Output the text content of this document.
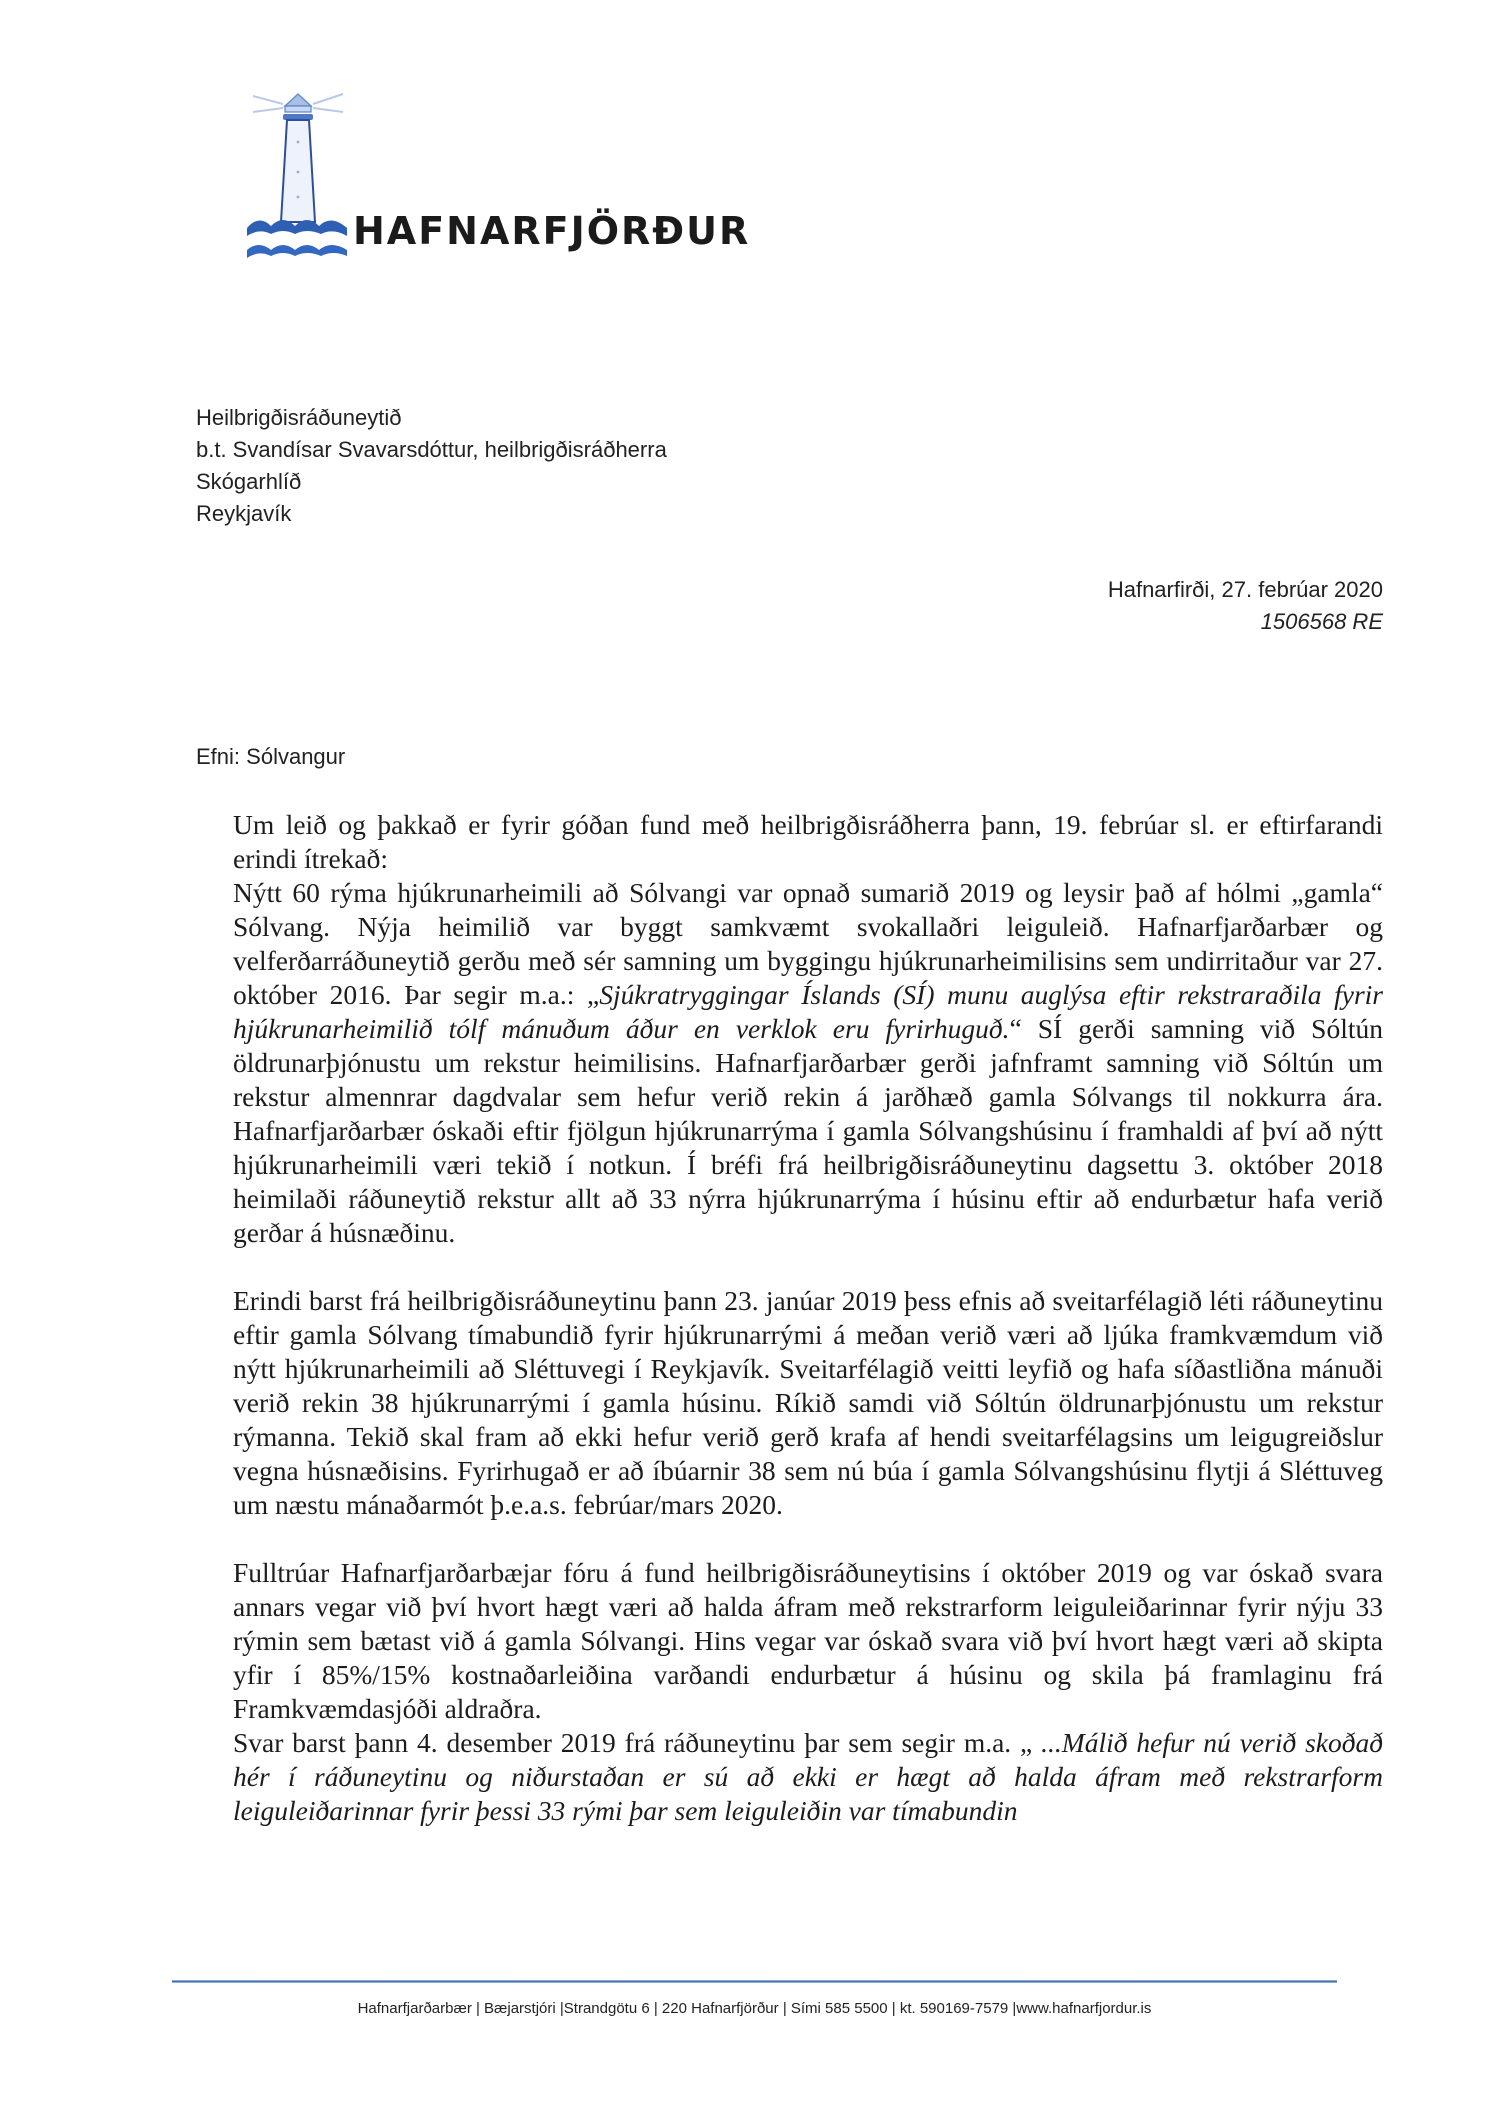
HAFNARFJÖRÐUR
Heilbrigðisráðuneytið
b.t. Svandísar Svavarsdóttur, heilbrigðisráðherra
Skógarhlíð
Reykjavík
Hafnarfirði, 27. febrúar 2020
1506568 RE
Efni: Sólvangur

Um leið og þakkað er fyrir góðan fund með heilbrigðisráðherra þann, 19. febrúar sl. er eftirfarandi erindi ítrekað:

Nýtt 60 rýma hjúkrunarheimili að Sólvangi var opnað sumarið 2019 og leysir það af hólmi „gamla“ Sólvang. Nýja heimilið var byggt samkvæmt svokallaðri leiguleið. Hafnarfjarðarbær og velferðarráðuneytið gerðu með sér samning um byggingu hjúkrunarheimilisins sem undirritaður var 27. október 2016. Þar segir m.a.: „Sjúkratryggingar Íslands (SÍ) munu auglýsa eftir rekstraraðila fyrir hjúkrunarheimilið tólf mánuðum áður en verklok eru fyrirhuguð.“ SÍ gerði samning við Sóltún öldrunarþjónustu um rekstur heimilisins. Hafnarfjarðarbær gerði jafnframt samning við Sóltún um rekstur almennrar dagdvalar sem hefur verið rekin á jarðhæð gamla Sólvangs til nokkurra ára. Hafnarfjarðarbær óskaði eftir fjölgun hjúkrunarrýma í gamla Sólvangshúsinu í framhaldi af því að nýtt hjúkrunarheimili væri tekið í notkun. Í bréfi frá heilbrigðisráðuneytinu dagsettu 3. október 2018 heimilaði ráðuneytið rekstur allt að 33 nýrra hjúkrunarrýma í húsinu eftir að endurbætur hafa verið gerðar á húsnæðinu.

Erindi barst frá heilbrigðisráðuneytinu þann 23. janúar 2019 þess efnis að sveitarfélagið léti ráðuneytinu eftir gamla Sólvang tímabundið fyrir hjúkrunarrými á meðan verið væri að ljúka framkvæmdum við nýtt hjúkrunarheimili að Sléttuvegi í Reykjavík. Sveitarfélagið veitti leyfið og hafa síðastliðna mánuði verið rekin 38 hjúkrunarrými í gamla húsinu. Ríkið samdi við Sóltún öldrunarþjónustu um rekstur rýmanna. Tekið skal fram að ekki hefur verið gerð krafa af hendi sveitarfélagsins um leigugreiðslur vegna húsnæðisins. Fyrirhugað er að íbúarnir 38 sem nú búa í gamla Sólvangshúsinu flytji á Sléttuveg um næstu mánaðarmót þ.e.a.s. febrúar/mars 2020.

Fulltrúar Hafnarfjarðarbæjar fóru á fund heilbrigðisráðuneytisins í október 2019 og var óskað svara annars vegar við því hvort hægt væri að halda áfram með rekstrarform leiguleiðarinnar fyrir nýju 33 rýmin sem bætast við á gamla Sólvangi. Hins vegar var óskað svara við því hvort hægt væri að skipta yfir í 85%/15% kostnaðarleiðina varðandi endurbætur á húsinu og skila þá framlaginu frá Framkvæmdasjóði aldraðra.

Svar barst þann 4. desember 2019 frá ráðuneytinu þar sem segir m.a. „ ...Málið hefur nú verið skoðað hér í ráðuneytinu og niðurstaðan er sú að ekki er hægt að halda áfram með rekstrarform leiguleiðarinnar fyrir þessi 33 rými þar sem leiguleiðin var tímabundin

Hafnarfjarðarbær | Bæjarstjóri |Strandgötu 6 | 220 Hafnarfjörður | Sími 585 5500 | kt. 590169-7579 |www.hafnarfjordur.is
